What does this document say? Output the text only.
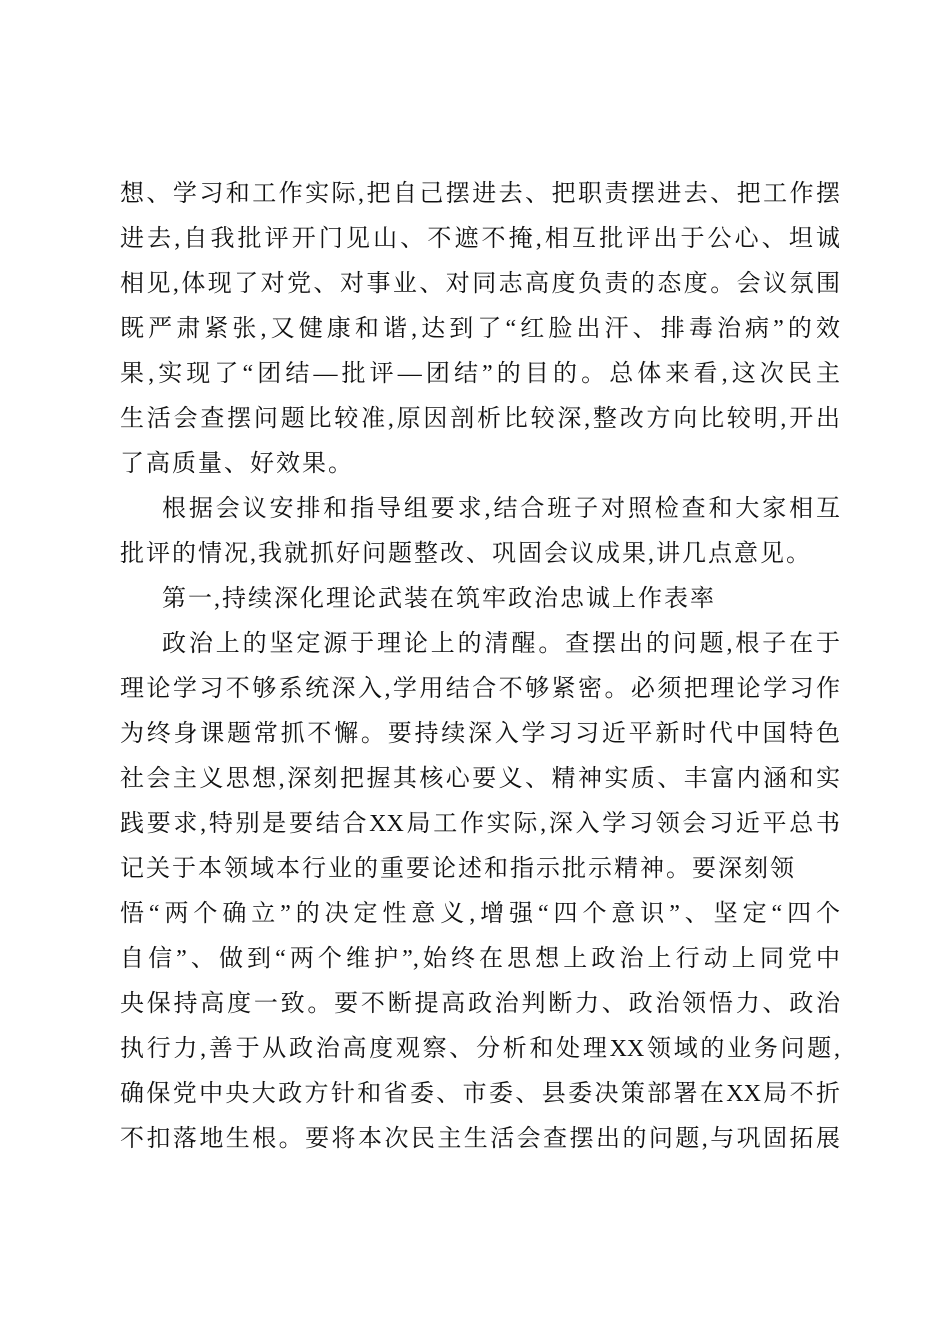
想、学习和工作实际,把自己摆进去、把职责摆进去、把工作摆
进去,自我批评开门见山、不遮不掩,相互批评出于公心、坦诚
相见,体现了对党、对事业、对同志高度负责的态度。会议氛围
既严肃紧张,又健康和谐,达到了“红脸出汗、排毒治病”的效
果,实现了“团结—批评—团结”的目的。总体来看,这次民主
生活会查摆问题比较准,原因剖析比较深,整改方向比较明,开出
了高质量、好效果。
根据会议安排和指导组要求,结合班子对照检查和大家相互
批评的情况,我就抓好问题整改、巩固会议成果,讲几点意见。
第一,持续深化理论武装在筑牢政治忠诚上作表率
政治上的坚定源于理论上的清醒。查摆出的问题,根子在于
理论学习不够系统深入,学用结合不够紧密。必须把理论学习作
为终身课题常抓不懈。要持续深入学习习近平新时代中国特色
社会主义思想,深刻把握其核心要义、精神实质、丰富内涵和实
践要求,特别是要结合XX局工作实际,深入学习领会习近平总书
记关于本领域本行业的重要论述和指示批示精神。要深刻领
悟“两个确立”的决定性意义,增强“四个意识”、坚定“四个
自信”、做到“两个维护”,始终在思想上政治上行动上同党中
央保持高度一致。要不断提高政治判断力、政治领悟力、政治
执行力,善于从政治高度观察、分析和处理XX领域的业务问题,
确保党中央大政方针和省委、市委、县委决策部署在XX局不折
不扣落地生根。要将本次民主生活会查摆出的问题,与巩固拓展
